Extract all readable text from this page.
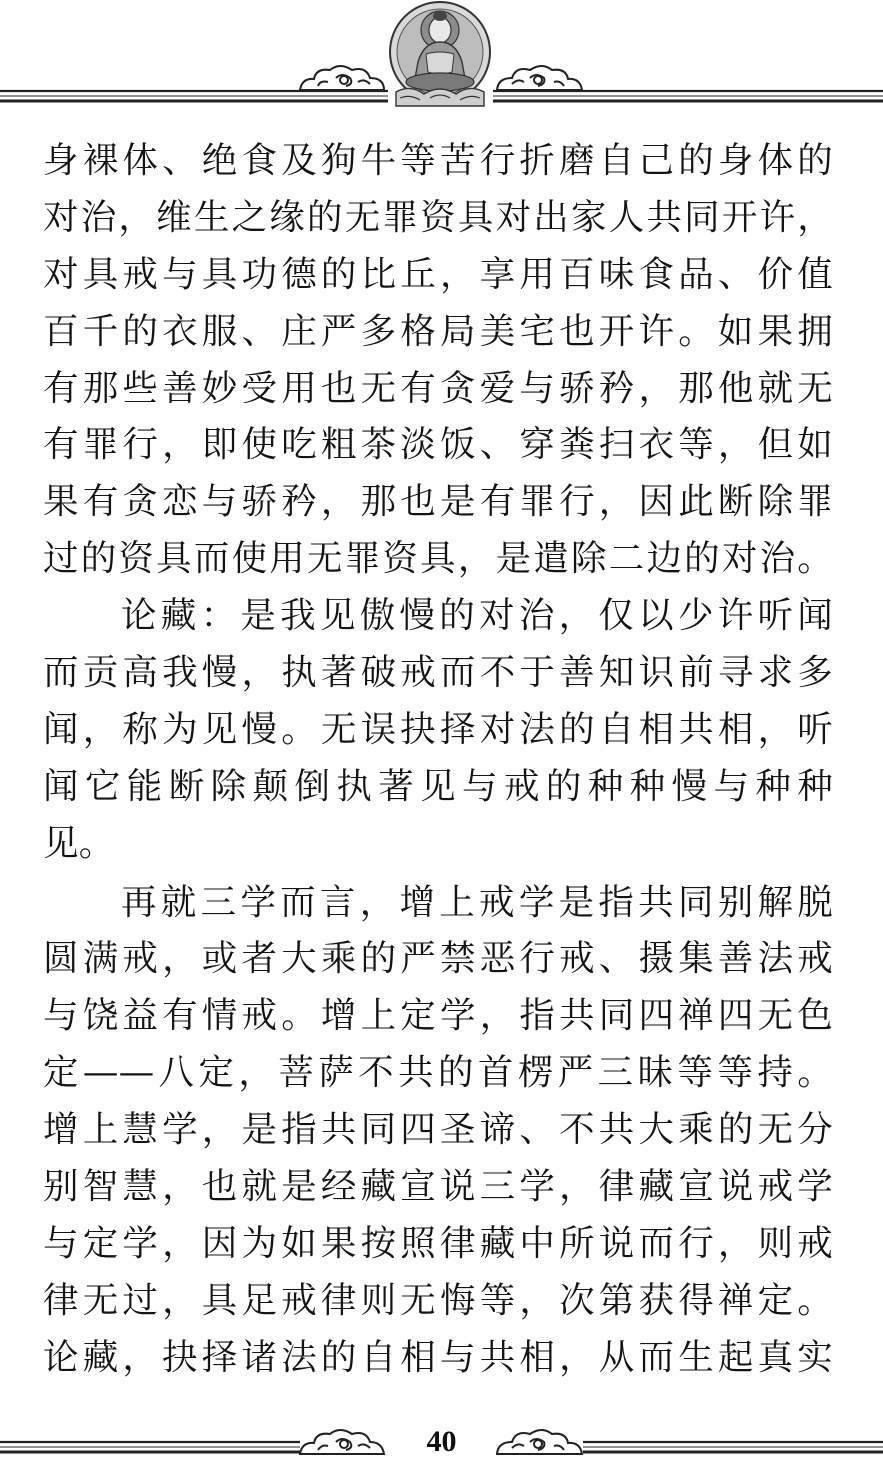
身裸体、绝食及狗牛等苦行折磨自己的身体的
对治，维生之缘的无罪资具对出家人共同开许，
对具戒与具功德的比丘，享用百味食品、价值
百千的衣服、庄严多格局美宅也开许。如果拥
有那些善妙受用也无有贪爱与骄矜，那他就无
有罪行，即使吃粗茶淡饭、穿粪扫衣等，但如
果有贪恋与骄矜，那也是有罪行，因此断除罪
过的资具而使用无罪资具，是遣除二边的对治。
论藏：是我见傲慢的对治，仅以少许听闻
而贡高我慢，执著破戒而不于善知识前寻求多
闻，称为见慢。无误抉择对法的自相共相，听
闻它能断除颠倒执著见与戒的种种慢与种种
见。
再就三学而言，增上戒学是指共同别解脱
圆满戒，或者大乘的严禁恶行戒、摄集善法戒
与饶益有情戒。增上定学，指共同四禅四无色
定——八定，菩萨不共的首楞严三昧等等持。
增上慧学，是指共同四圣谛、不共大乘的无分
别智慧，也就是经藏宣说三学，律藏宣说戒学
与定学，因为如果按照律藏中所说而行，则戒
律无过，具足戒律则无悔等，次第获得禅定。
论藏，抉择诸法的自相与共相，从而生起真实
40
